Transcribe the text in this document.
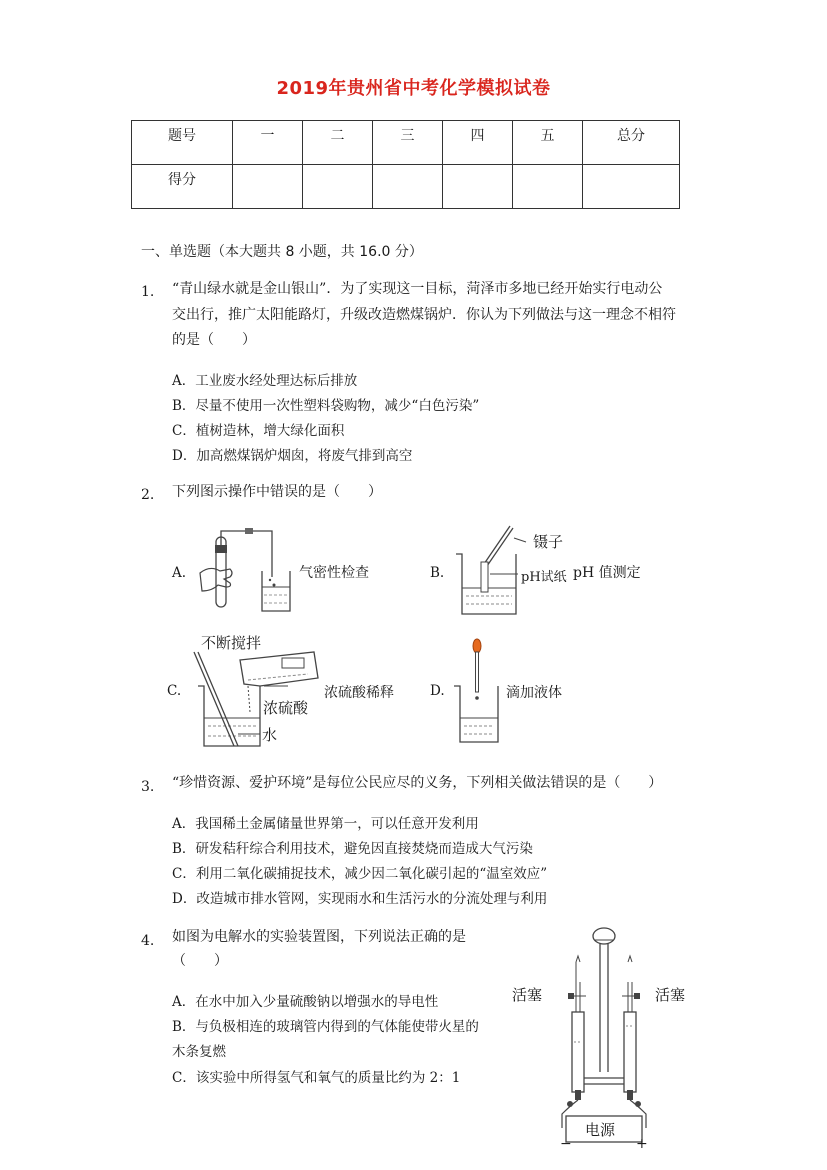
2019年贵州省中考化学模拟试卷
题号	一	二	三	四	五	总分
得分						
一、单选题（本大题共 8 小题，共 16.0 分）
1. “青山绿水就是金山银山”．为了实现这一目标，菏泽市多地已经开始实行电动公
交出行，推广太阳能路灯，升级改造燃煤锅炉．你认为下列做法与这一理念不相符
的是（　　）
A．工业废水经处理达标后排放
B．尽量不使用一次性塑料袋购物，减少“白色污染”
C．植树造林，增大绿化面积
D．加高燃煤锅炉烟囱，将废气排到高空
2. 下列图示操作中错误的是（　　）
A.	气密性检查	B.
镊子
pH试纸 pH 值测定
C.
不断搅拌
浓硫酸稀释
浓硫酸
水
D.	滴加液体
3. “珍惜资源、爱护环境”是每位公民应尽的义务，下列相关做法错误的是（　　）
A．我国稀土金属储量世界第一，可以任意开发利用
B．研发秸秆综合利用技术，避免因直接焚烧而造成大气污染
C．利用二氧化碳捕捉技术，减少因二氧化碳引起的“温室效应”
D．改造城市排水管网，实现雨水和生活污水的分流处理与利用
4. 如图为电解水的实验装置图，下列说法正确的是
（　　）
A．在水中加入少量硫酸钠以增强水的导电性
B．与负极相连的玻璃管内得到的气体能使带火星的
木条复燃
C．该实验中所得氢气和氧气的质量比约为 2：1
活塞	活塞
电源
−	+
